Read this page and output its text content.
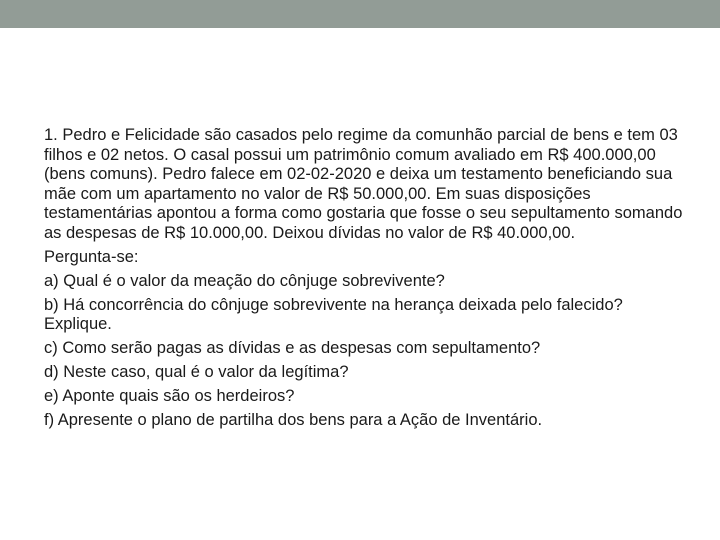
1. Pedro e Felicidade são casados pelo regime da comunhão parcial de bens e tem 03 filhos e 02 netos. O casal possui um patrimônio comum avaliado em R$ 400.000,00 (bens comuns). Pedro falece em 02-02-2020 e deixa um testamento beneficiando sua mãe com um apartamento no valor de R$ 50.000,00. Em suas disposições testamentárias apontou a forma como gostaria que fosse o seu sepultamento somando as despesas de R$ 10.000,00. Deixou dívidas no valor de R$ 40.000,00.

Pergunta-se:

a) Qual é o valor da meação do cônjuge sobrevivente?

b) Há concorrência do cônjuge sobrevivente na herança deixada pelo falecido? Explique.

c) Como serão pagas as dívidas e as despesas com sepultamento?

d) Neste caso, qual é o valor da legítima?

e) Aponte quais são os herdeiros?

f) Apresente o plano de partilha dos bens para a Ação de Inventário.
